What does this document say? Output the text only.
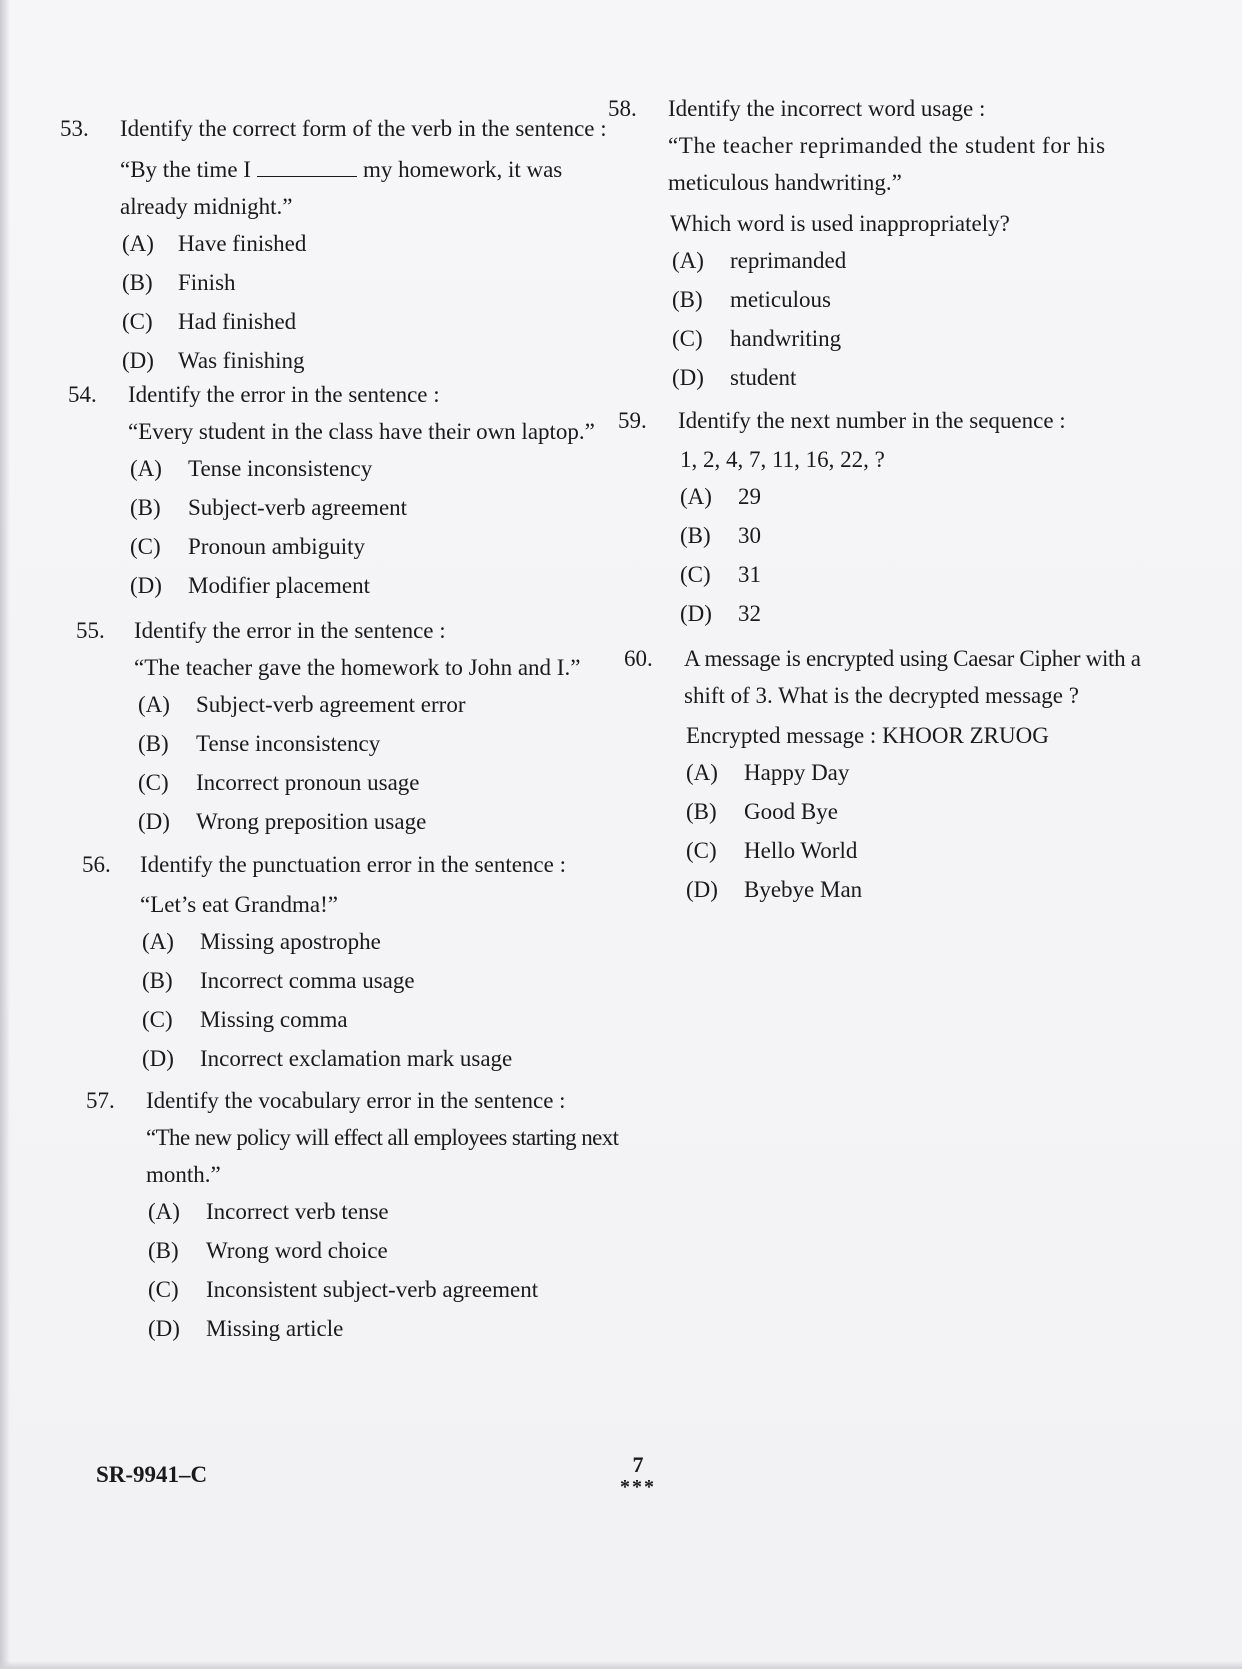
53. Identify the correct form of the verb in the sentence :
“By the time I	my homework, it was
already midnight.”
(A) Have finished
(B) Finish
(C) Had finished
(D) Was finishing
54. Identify the error in the sentence :
“Every student in the class have their own laptop.”
(A) Tense inconsistency
(B) Subject-verb agreement
(C) Pronoun ambiguity
(D) Modifier placement
55. Identify the error in the sentence :
“The teacher gave the homework to John and I.”
(A) Subject-verb agreement error
(B) Tense inconsistency
(C) Incorrect pronoun usage
(D) Wrong preposition usage
56. Identify the punctuation error in the sentence :
“Let’s eat Grandma!”
(A) Missing apostrophe
(B) Incorrect comma usage
(C) Missing comma
(D) Incorrect exclamation mark usage
57. Identify the vocabulary error in the sentence :
“The new policy will effect all employees starting next
month.”
(A) Incorrect verb tense
(B) Wrong word choice
(C) Inconsistent subject-verb agreement
(D) Missing article
58. Identify the incorrect word usage :
“The teacher reprimanded the student for his
meticulous handwriting.”
Which word is used inappropriately?
(A) reprimanded
(B) meticulous
(C) handwriting
(D) student
59. Identify the next number in the sequence :
1, 2, 4, 7, 11, 16, 22, ?
(A) 29
(B) 30
(C) 31
(D) 32
60. A message is encrypted using Caesar Cipher with a
shift of 3. What is the decrypted message ?
Encrypted message : KHOOR ZRUOG
(A) Happy Day
(B) Good Bye
(C) Hello World
(D) Byebye Man
SR-9941–C	7
***
